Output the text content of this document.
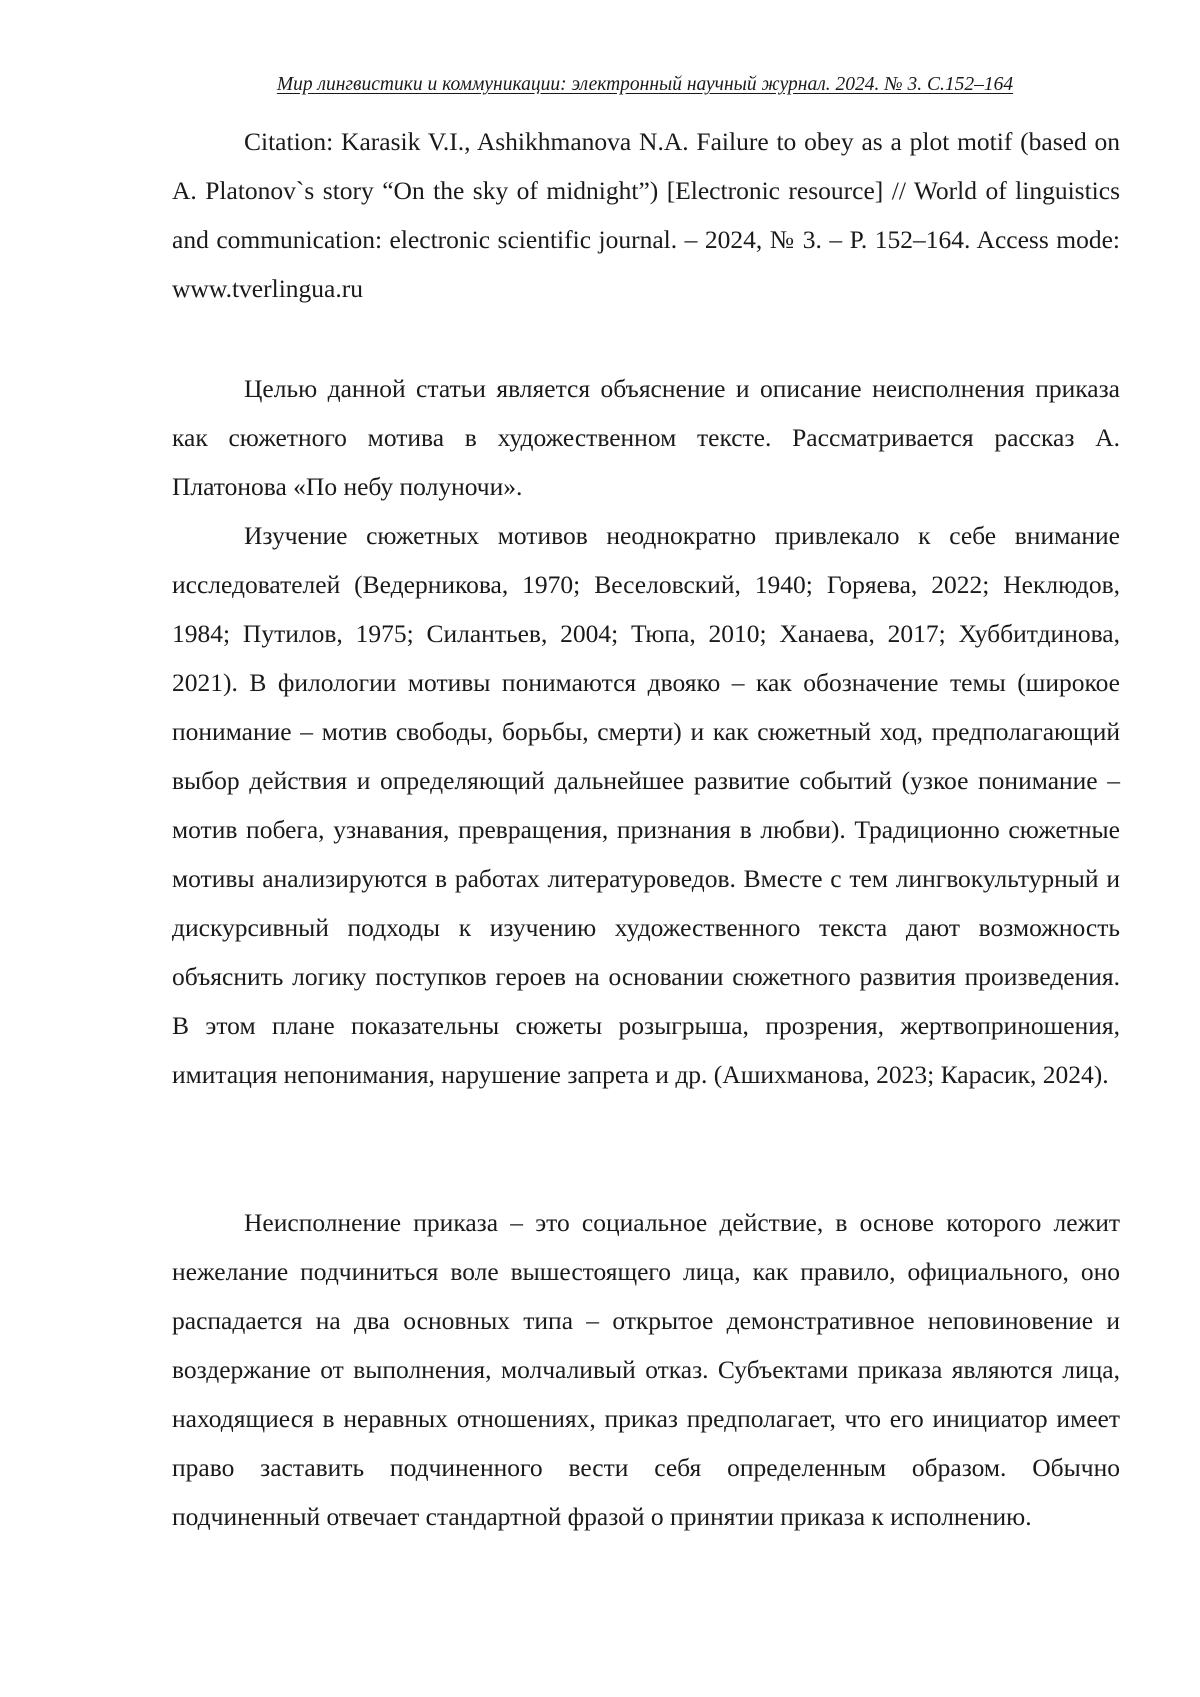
Мир лингвистики и коммуникации: электронный научный журнал. 2024. № 3. С.152–164

Citation: Karasik V.I., Ashikhmanova N.A. Failure to obey as a plot motif (based on A. Platonov`s story “On the sky of midnight”) [Electronic resource] // World of linguistics and communication: electronic scientific journal. – 2024, № 3. – P. 152–164. Access mode: www.tverlingua.ru

Целью данной статьи является объяснение и описание неисполнения приказа как сюжетного мотива в художественном тексте. Рассматривается рассказ А. Платонова «По небу полуночи».

Изучение сюжетных мотивов неоднократно привлекало к себе внимание исследователей (Ведерникова, 1970; Веселовский, 1940; Горяева, 2022; Неклюдов, 1984; Путилов, 1975; Силантьев, 2004; Тюпа, 2010; Ханаева, 2017; Хуббитдинова, 2021). В филологии мотивы понимаются двояко – как обозначение темы (широкое понимание – мотив свободы, борьбы, смерти) и как сюжетный ход, предполагающий выбор действия и определяющий дальнейшее развитие событий (узкое понимание – мотив побега, узнавания, превращения, признания в любви). Традиционно сюжетные мотивы анализируются в работах литературоведов. Вместе с тем лингвокультурный и дискурсивный подходы к изучению художественного текста дают возможность объяснить логику поступков героев на основании сюжетного развития произведения. В этом плане показательны сюжеты розыгрыша, прозрения, жертвоприношения, имитация непонимания, нарушение запрета и др. (Ашихманова, 2023; Карасик, 2024).

Неисполнение приказа – это социальное действие, в основе которого лежит нежелание подчиниться воле вышестоящего лица, как правило, официального, оно распадается на два основных типа – открытое демонстративное неповиновение и воздержание от выполнения, молчаливый отказ. Субъектами приказа являются лица, находящиеся в неравных отношениях, приказ предполагает, что его инициатор имеет право заставить подчиненного вести себя определенным образом. Обычно подчиненный отвечает стандартной фразой о принятии приказа к исполнению.
